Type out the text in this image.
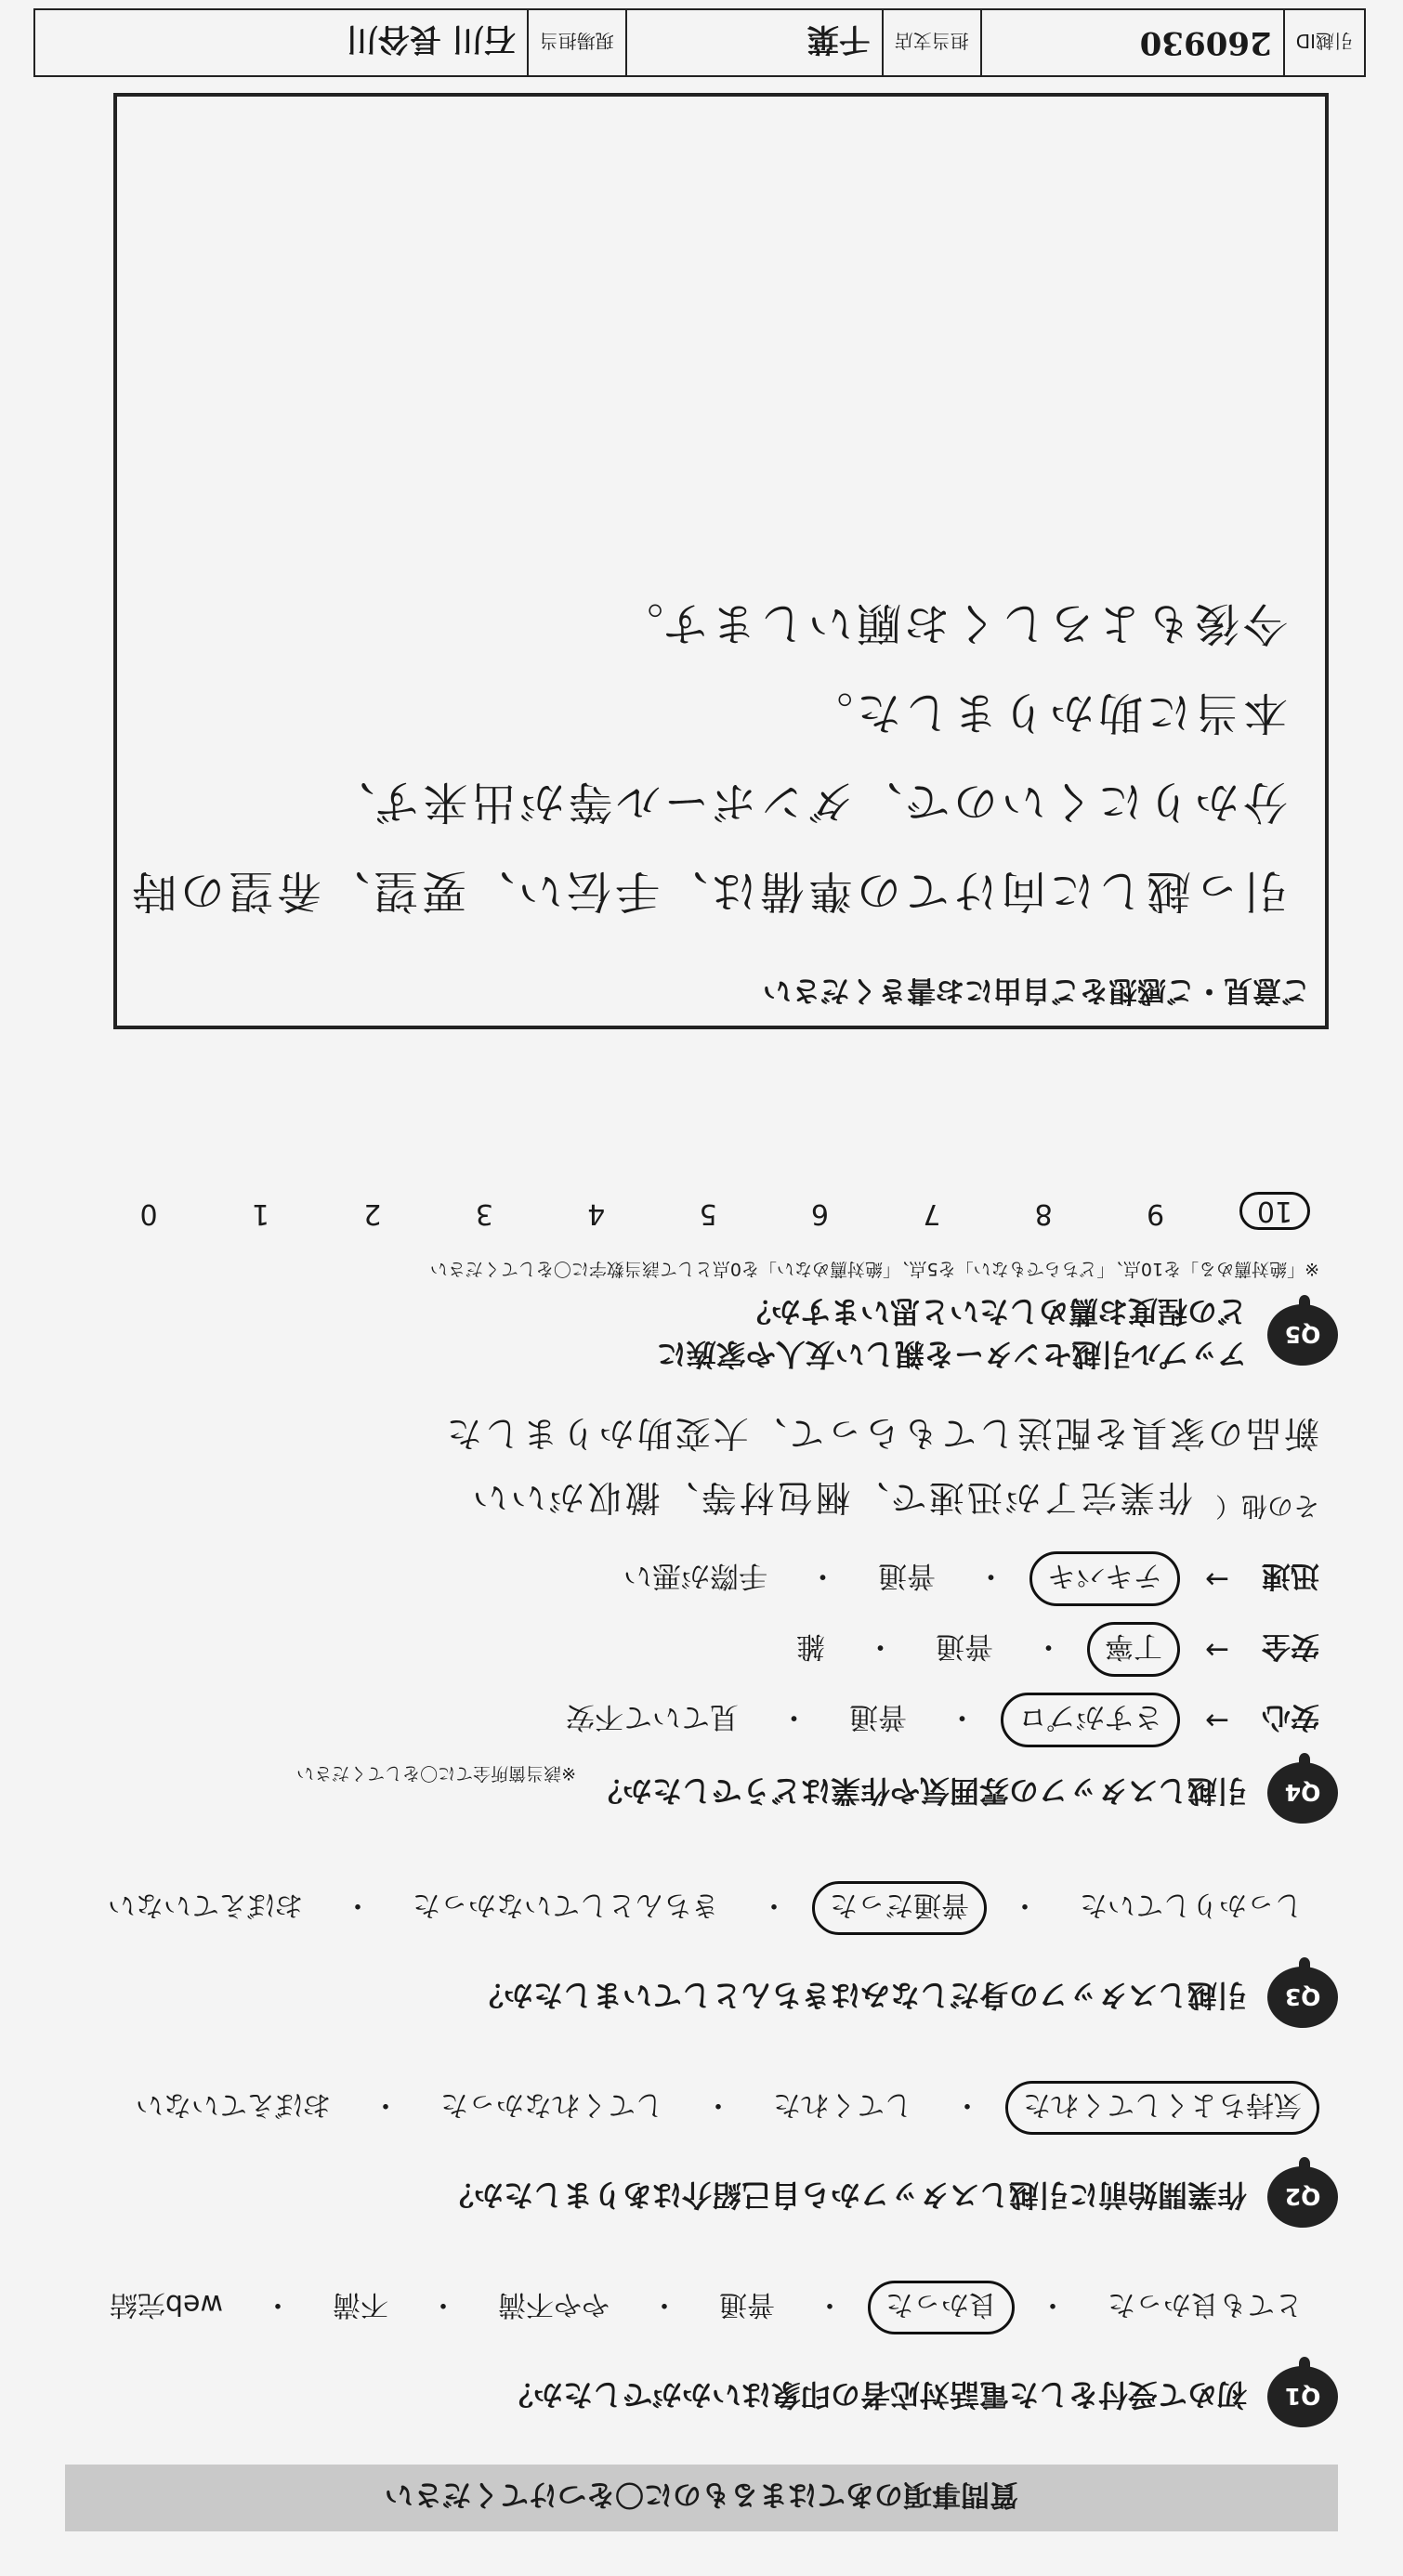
質問事項のあてはまるものに〇をつけてください
Q1
初めて受付をした電話対応者の印象はいかがでしたか？
とても良かった
・
良かった
・
普通
・
やや不満
・
不満
・
web完結
Q2
作業開始前に引越しスタッフから自己紹介はありましたか？
気持ちよくしてくれた
・
してくれた
・
してくれなかった
・
おぼえていない
Q3
引越しスタッフの身だしなみはきちんとしていましたか？
しっかりしていた
・
普通だった
・
きちんとしていなかった
・
おぼえていない
Q4
引越しスタッフの雰囲気や作業はどうでしたか？
※該当箇所全てに〇をしてください
安心
→
さすがプロ
・
普通
・
見ていて不安
安全
→
丁寧
・
普通
・
雑
迅速
→
テキパキ
・
普通
・
手際が悪い
その他（
作業完了が迅速で、梱包材等、撤収がいい
新品の家具を配送してもらって、大変助かりました
Q5
アップル引越センターを親しい友人や家族に
どの程度お薦めしたいと思いますか？
※「絶対薦める」を10点、「どちらでもない」を5点、「絶対薦めない」を0点として該当数字に〇をしてください
10
9
8
7
6
5
4
3
2
1
0
ご意見・ご感想をご自由にお書きください
引っ越しに向けての準備は、手伝い、要望、希望の時
分かりにくいので、ダンボール等が出来ず、
本当に助かりました。
今後もよろしくお願いします。
引越ID
260930
担当支店
千葉
現場担当
石川 長谷川
